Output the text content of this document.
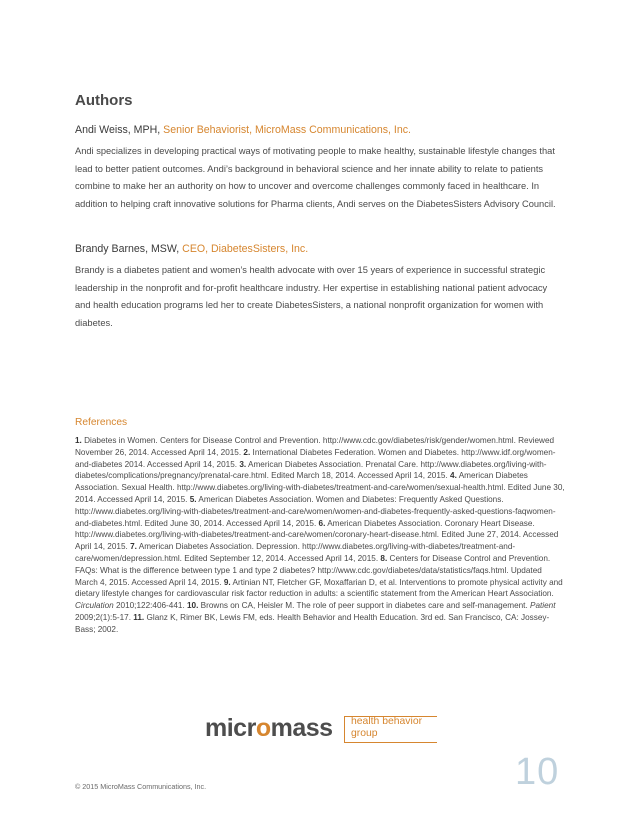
Authors
Andi Weiss, MPH, Senior Behaviorist, MicroMass Communications, Inc.

Andi specializes in developing practical ways of motivating people to make healthy, sustainable lifestyle changes that lead to better patient outcomes. Andi’s background in behavioral science and her innate ability to relate to patients combine to make her an authority on how to uncover and overcome challenges commonly faced in healthcare. In addition to helping craft innovative solutions for Pharma clients, Andi serves on the DiabetesSisters Advisory Council.

Brandy Barnes, MSW, CEO, DiabetesSisters, Inc.

Brandy is a diabetes patient and women’s health advocate with over 15 years of experience in successful strategic leadership in the nonprofit and for-profit healthcare industry. Her expertise in establishing national patient advocacy and health education programs led her to create DiabetesSisters, a national nonprofit organization for women with diabetes.

References

1. Diabetes in Women. Centers for Disease Control and Prevention. http://www.cdc.gov/diabetes/risk/gender/women.html. Reviewed November 26, 2014. Accessed April 14, 2015. 2. International Diabetes Federation. Women and Diabetes. http://www.idf.org/women-and-diabetes 2014. Accessed April 14, 2015. 3. American Diabetes Association. Prenatal Care. http://www.diabetes.org/living-with-diabetes/complications/pregnancy/prenatal-care.html. Edited March 18, 2014. Accessed April 14, 2015. 4. American Diabetes Association. Sexual Health. http://www.diabetes.org/living-with-diabetes/treatment-and-care/women/sexual-health.html. Edited June 30, 2014. Accessed April 14, 2015. 5. American Diabetes Association. Women and Diabetes: Frequently Asked Questions. http://www.diabetes.org/living-with-diabetes/treatment-and-care/women/women-and-diabetes-frequently-asked-questions-faqwomen-and-diabetes.html. Edited June 30, 2014. Accessed April 14, 2015. 6. American Diabetes Association. Coronary Heart Disease. http://www.diabetes.org/living-with-diabetes/treatment-and-care/women/coronary-heart-disease.html. Edited June 27, 2014. Accessed April 14, 2015. 7. American Diabetes Association. Depression. http://www.diabetes.org/living-with-diabetes/treatment-and-care/women/depression.html. Edited September 12, 2014. Accessed April 14, 2015. 8. Centers for Disease Control and Prevention. FAQs: What is the difference between type 1 and type 2 diabetes? http://www.cdc.gov/diabetes/data/statistics/faqs.html. Updated March 4, 2015. Accessed April 14, 2015. 9. Artinian NT, Fletcher GF, Moxaffarian D, et al. Interventions to promote physical activity and dietary lifestyle changes for cardiovascular risk factor reduction in adults: a scientific statement from the American Heart Association. Circulation 2010;122:406-441. 10. Browns on CA, Heisler M. The role of peer support in diabetes care and self-management. Patient 2009;2(1):5-17. 11. Glanz K, Rimer BK, Lewis FM, eds. Health Behavior and Health Education. 3rd ed. San Francisco, CA: Jossey-Bass; 2002.

micromass health behavior
group
© 2015 MicroMass Communications, Inc.	10
